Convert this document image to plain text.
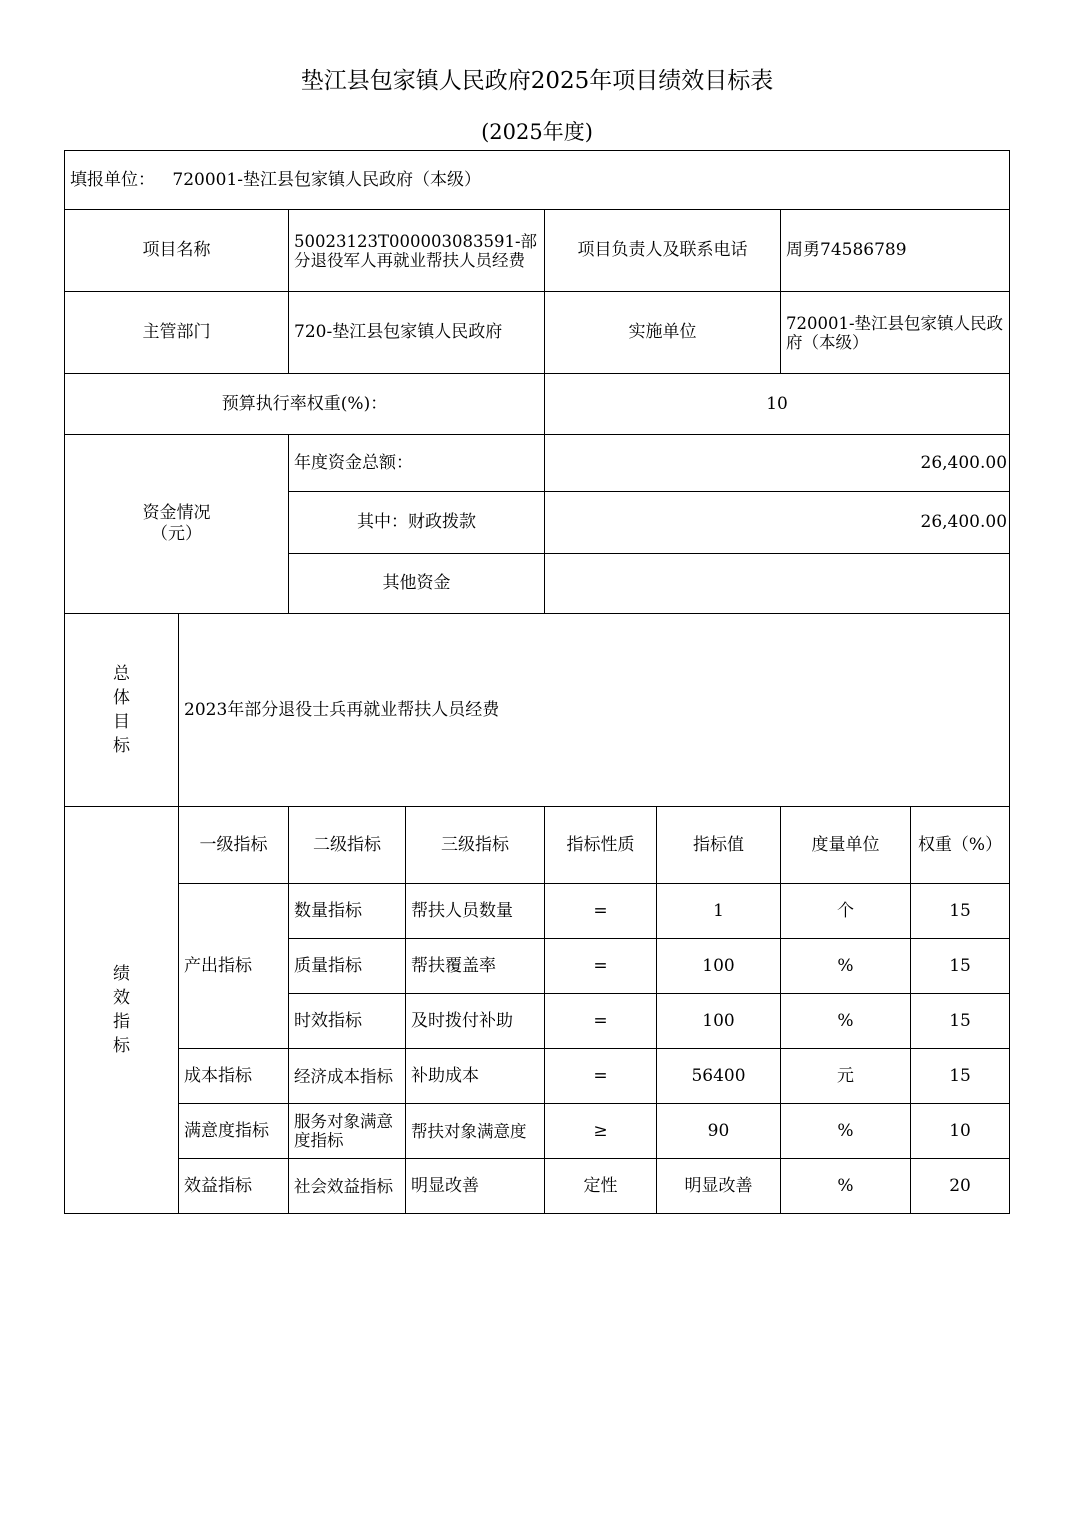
垫江县包家镇人民政府2025年项目绩效目标表
(2025年度)
填报单位： 720001-垫江县包家镇人民政府（本级）							
项目名称		50023123T000003083591-部分退役军人再就业帮扶人员经费		项目负责人及联系电话		周勇74586789	
主管部门		720-垫江县包家镇人民政府		实施单位		720001-垫江县包家镇人民政府（本级）	
预算执行率权重(%)：				10			

资金情况
（元）		年度资金总额：		26,400.00			
		其中：财政拨款		26,400.00			
		其他资金					

总
体
目
标	2023年部分退役士兵再就业帮扶人员经费						

绩
效
指
标	一级指标	二级指标	三级指标	指标性质	指标值	度量单位	权重（%）
	产出指标	数量指标	帮扶人员数量	=	1	个	15
		质量指标	帮扶覆盖率	=	100	%	15
		时效指标	及时拨付补助	=	100	%	15
	成本指标	经济成本指标	补助成本	=	56400	元	15
	满意度指标	服务对象满意度指标	帮扶对象满意度	≥	90	%	10
	效益指标	社会效益指标	明显改善	定性	明显改善	%	20
